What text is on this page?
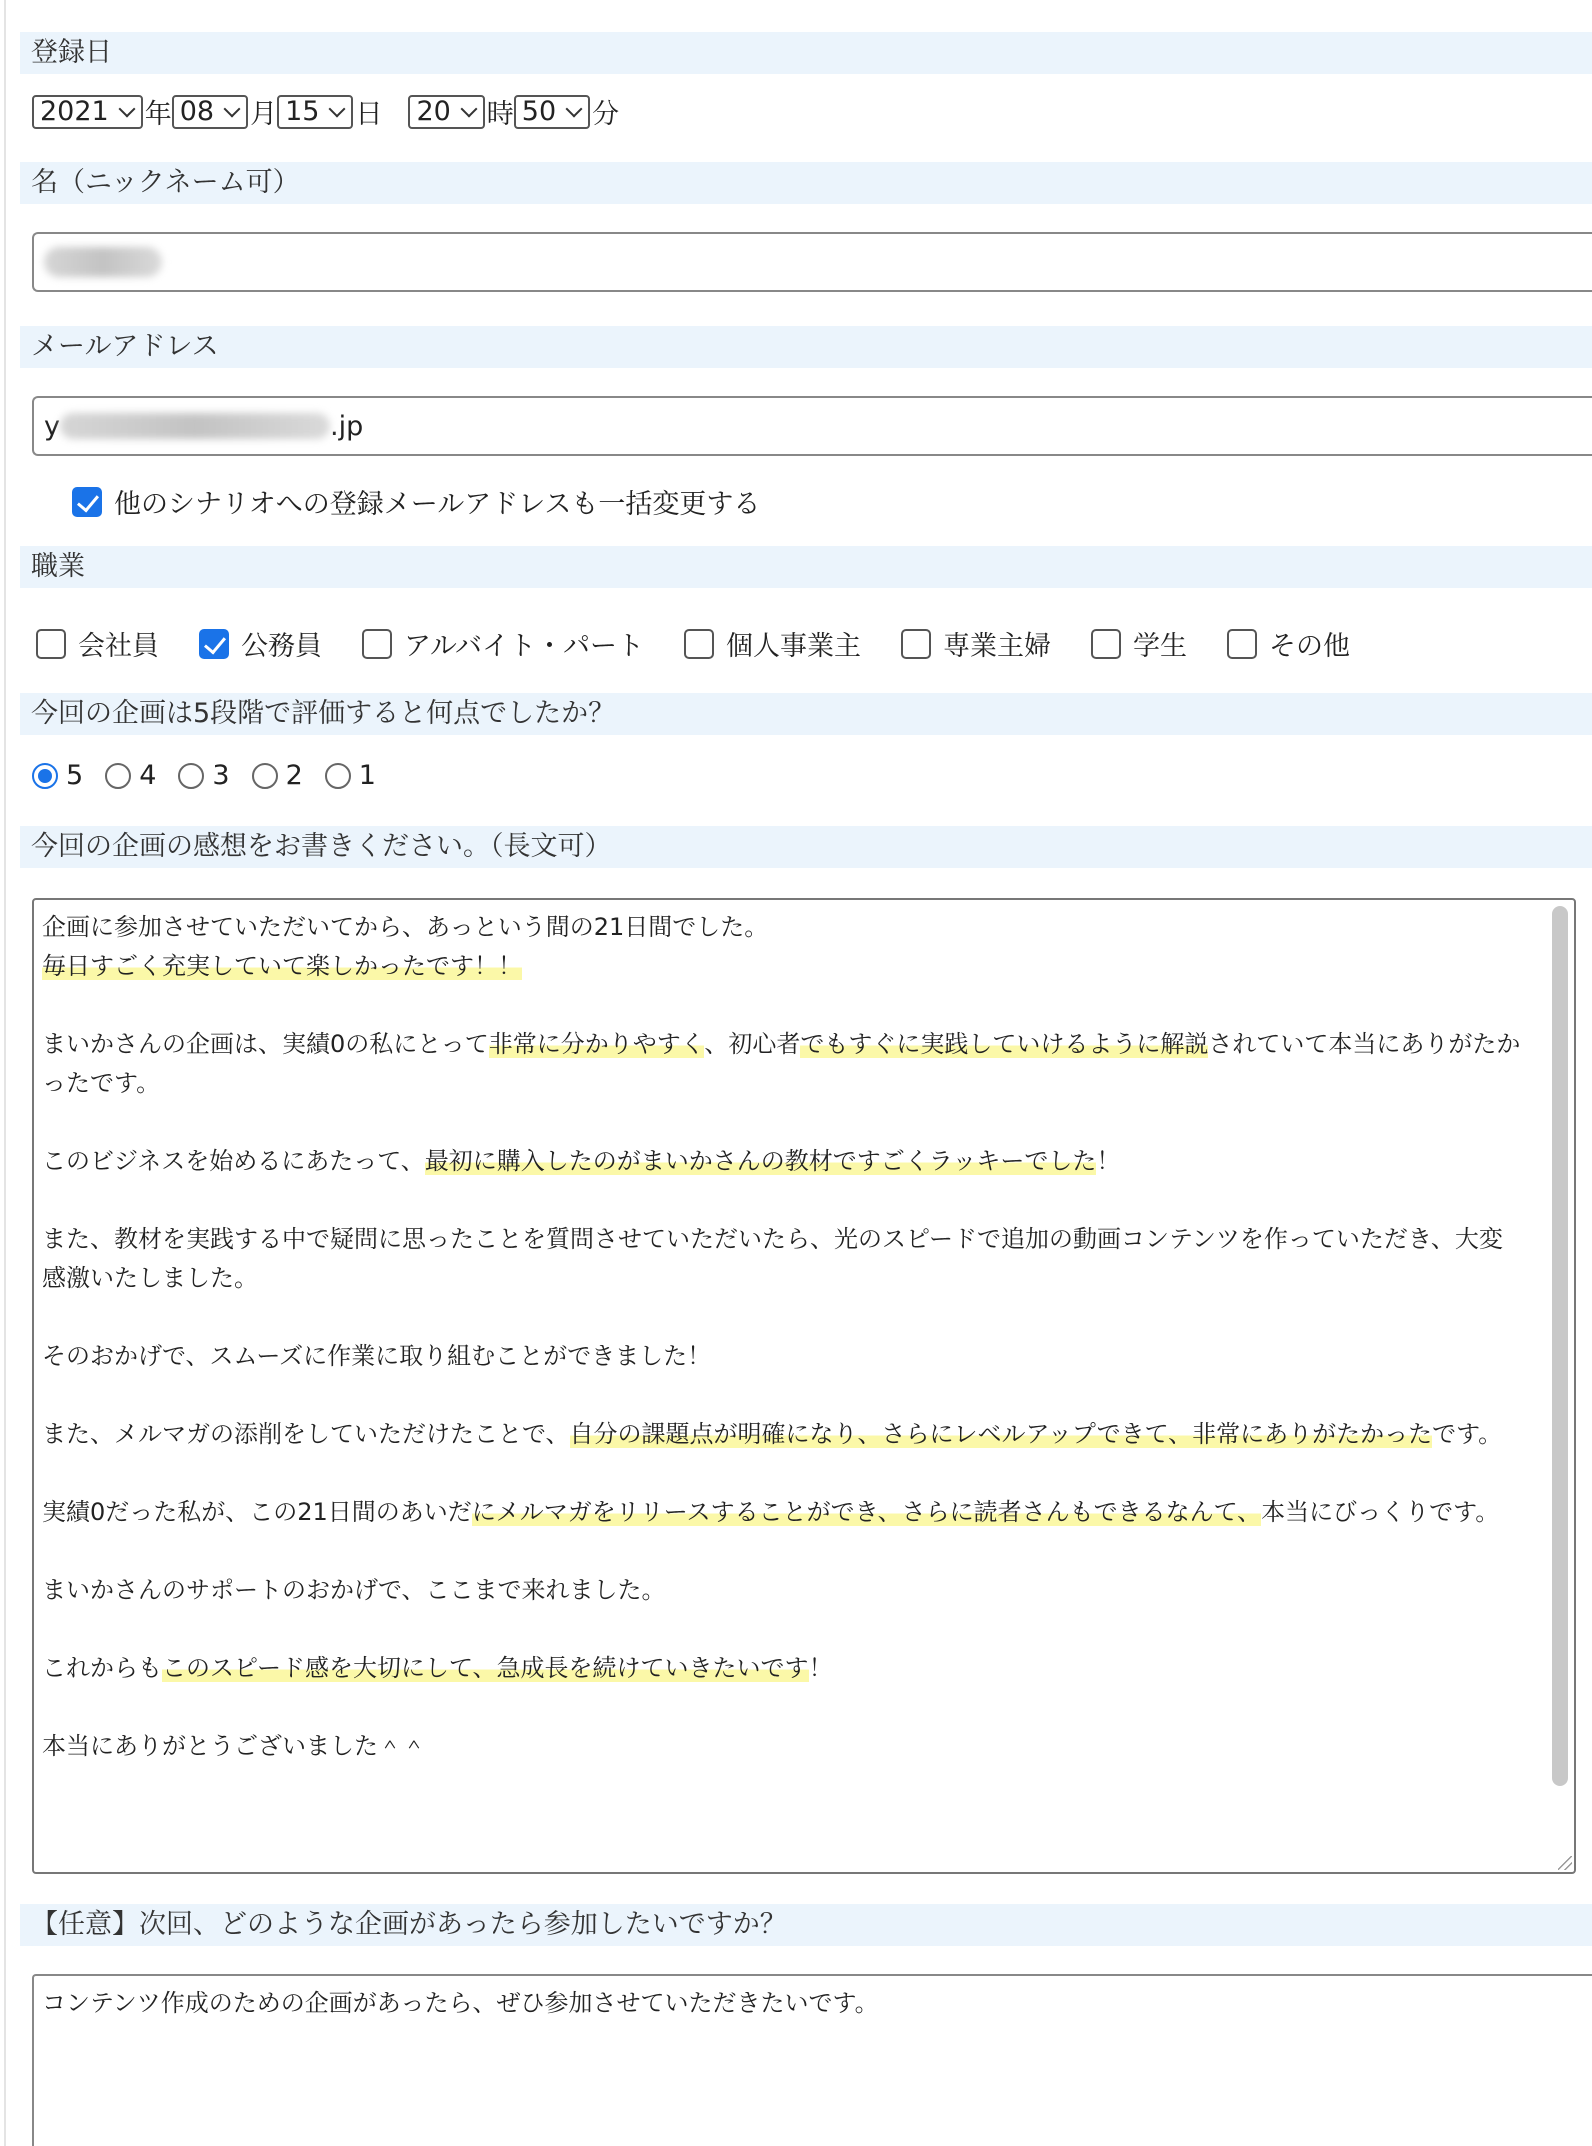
登録日
2021 年 08 月 15 日 20 時 50 分
名（ニックネーム可）
メールアドレス
y	.jp
他のシナリオへの登録メールアドレスも一括変更する
職業
会社員	公務員	アルバイト・パート	個人事業主	専業主婦	学生	その他
今回の企画は5段階で評価すると何点でしたか？
5 4 3 2 1
今回の企画の感想をお書きください。（長文可）
企画に参加させていただいてから、あっという間の21日間でした。
毎日すごく充実していて楽しかったです！！
まいかさんの企画は、実績0の私にとって非常に分かりやすく、初心者でもすぐに実践していけるように解説されていて本当にありがたかったです。
このビジネスを始めるにあたって、最初に購入したのがまいかさんの教材ですごくラッキーでした！
また、教材を実践する中で疑問に思ったことを質問させていただいたら、光のスピードで追加の動画コンテンツを作っていただき、大変感激いたしました。
そのおかげで、スムーズに作業に取り組むことができました！
また、メルマガの添削をしていただけたことで、自分の課題点が明確になり、さらにレベルアップできて、非常にありがたかったです。
実績0だった私が、この21日間のあいだにメルマガをリリースすることができ、さらに読者さんもできるなんて、本当にびっくりです。
まいかさんのサポートのおかげで、ここまで来れました。
これからもこのスピード感を大切にして、急成長を続けていきたいです！
本当にありがとうございました＾＾
【任意】次回、どのような企画があったら参加したいですか？
コンテンツ作成のための企画があったら、ぜひ参加させていただきたいです。
